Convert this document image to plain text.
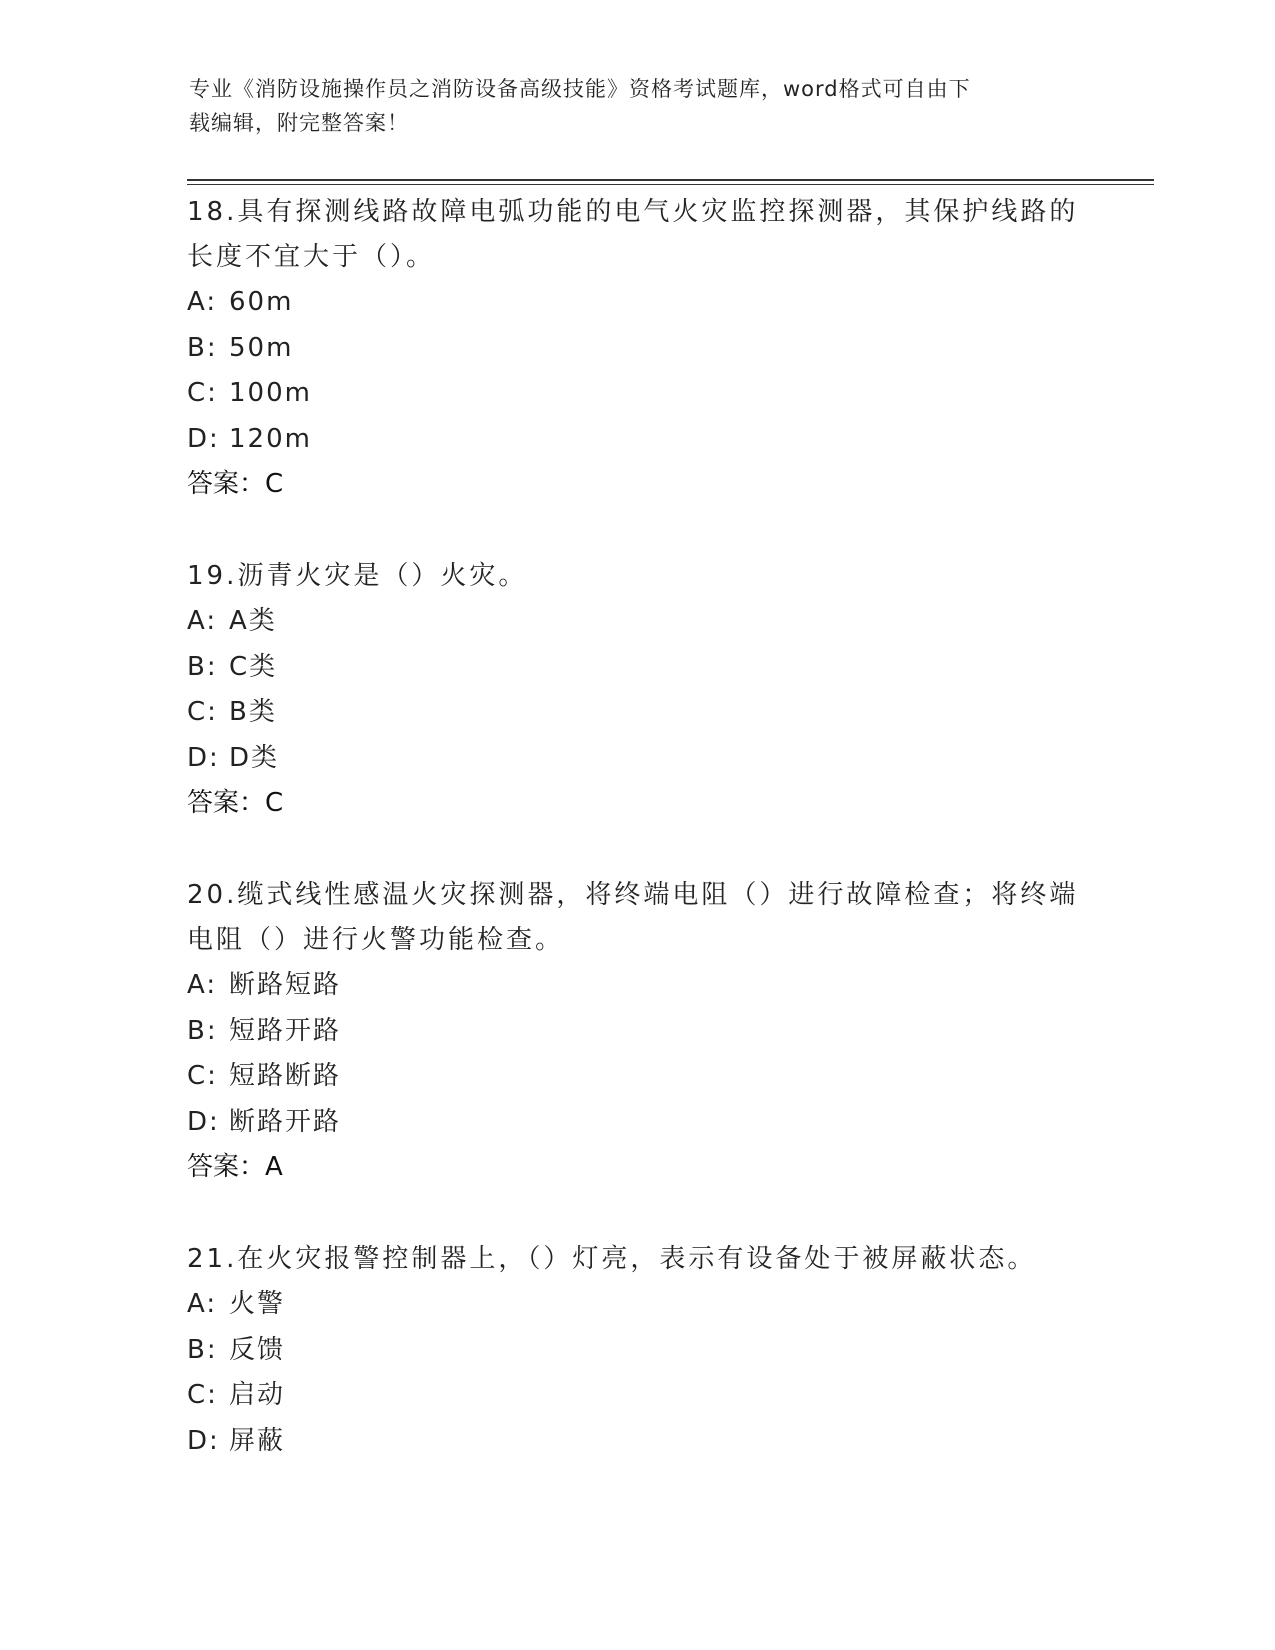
专业《消防设施操作员之消防设备高级技能》资格考试题库，word格式可自由下
载编辑，附完整答案！
18.具有探测线路故障电弧功能的电气火灾监控探测器，其保护线路的
长度不宜大于（）。
A: 60m
B: 50m
C: 100m
D: 120m
答案：C
19.沥青火灾是（）火灾。
A: A类
B: C类
C: B类
D: D类
答案：C
20.缆式线性感温火灾探测器，将终端电阻（）进行故障检查；将终端
电阻（）进行火警功能检查。
A: 断路短路
B: 短路开路
C: 短路断路
D: 断路开路
答案：A
21.在火灾报警控制器上，（）灯亮，表示有设备处于被屏蔽状态。
A: 火警
B: 反馈
C: 启动
D: 屏蔽
